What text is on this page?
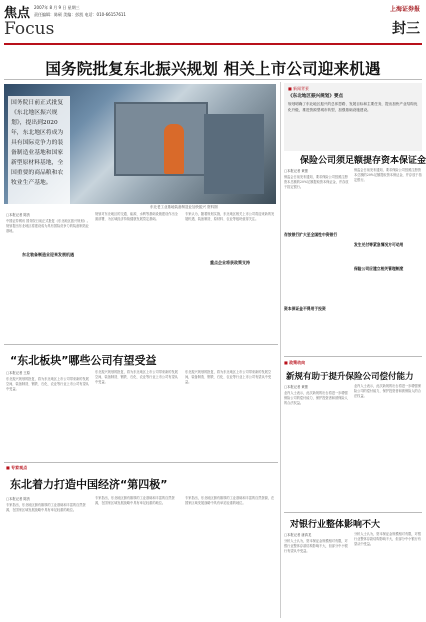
焦点
Focus
2007年 8 月 9 日 星期三
责任编辑：陈硕 美编：彭凯 电话：010-66157611
上海证券报
封三
国务院批复东北振兴规划 相关上市公司迎来机遇
国务院日前正式批复《东北地区振兴规划》，提出到2020年，东北地区将成为具有国际竞争力的装备制造业基地和国家新型原材料基地，全国重要的商品粮和农牧业生产基地。
东北老工业基地装备制造业加快振兴 资料图
□本报记者 陈劲
中国证券网讯 国务院日前正式批复《东北地区振兴规划》。规划提出东北地区将建设成为具有国际竞争力的装备制造业基地。
东北装备制造业迎来发展机遇
规划对东北地区的交通、能源、水利等基础设施建设作出全面部署，为区域经济持续健康发展奠定基础。
重点企业将获政策支持
专家认为，随着规划实施，东北地区相关上市公司将迎来新的发展机遇，装备制造、原材料、农业等板块值得关注。
■ 新闻背景
《东北地区振兴规划》要点
规划明确了东北地区振兴的总体思路、发展目标和主要任务，提出加快产业结构优化升级，推进资源型城市转型，加强基础设施建设。
保险公司须足额提存资本保证金
□本报记者 黄蕾
保监会日前发布通知，要求保险公司按照注册资本总额的20%足额提取资本保证金，并存放于指定银行。
存放银行扩大至全国性中资银行
资本保证金不得用于投资
保监会日前发布通知，要求保险公司按照注册资本总额的20%足额提取资本保证金，并存放于指定银行。
发生兑付等紧急情况方可动用
保险公司应建立相关管理制度
“东北板块”哪些公司有望受益
□本报记者 王原
东北振兴规划的批复，将为东北地区上市公司带来新的发展空间，装备制造、钢铁、石化、农业等行业上市公司有望从中受益。
东北振兴规划的批复，将为东北地区上市公司带来新的发展空间，装备制造、钢铁、石化、农业等行业上市公司有望从中受益。
东北振兴规划的批复，将为东北地区上市公司带来新的发展空间，装备制造、钢铁、石化、农业等行业上市公司有望从中受益。
■ 专家观点
东北着力打造中国经济“第四极”
□本报记者 陈劲
专家指出，东北地区拥有雄厚的工业基础和丰富的自然资源，在国家区域发展战略中具有举足轻重的地位。
专家指出，东北地区拥有雄厚的工业基础和丰富的自然资源，在国家区域发展战略中具有举足轻重的地位。
专家指出，东北地区拥有雄厚的工业基础和丰富的自然资源，在国家区域发展战略中具有举足轻重的地位。
■ 政策动向
新规有助于提升保险公司偿付能力
□本报记者 黄蕾
业内人士表示，此次新规的出台将进一步增强保险公司的偿付能力，保护投资者和被保险人的合法权益。
业内人士表示，此次新规的出台将进一步增强保险公司的偿付能力，保护投资者和被保险人的合法权益。
对银行业整体影响不大
□本报记者 唐真龙
分析人士认为，资本保证金规模相对有限，对银行业整体存款结构影响不大，但部分中小银行有望从中受益。
分析人士认为，资本保证金规模相对有限，对银行业整体存款结构影响不大，但部分中小银行有望从中受益。
